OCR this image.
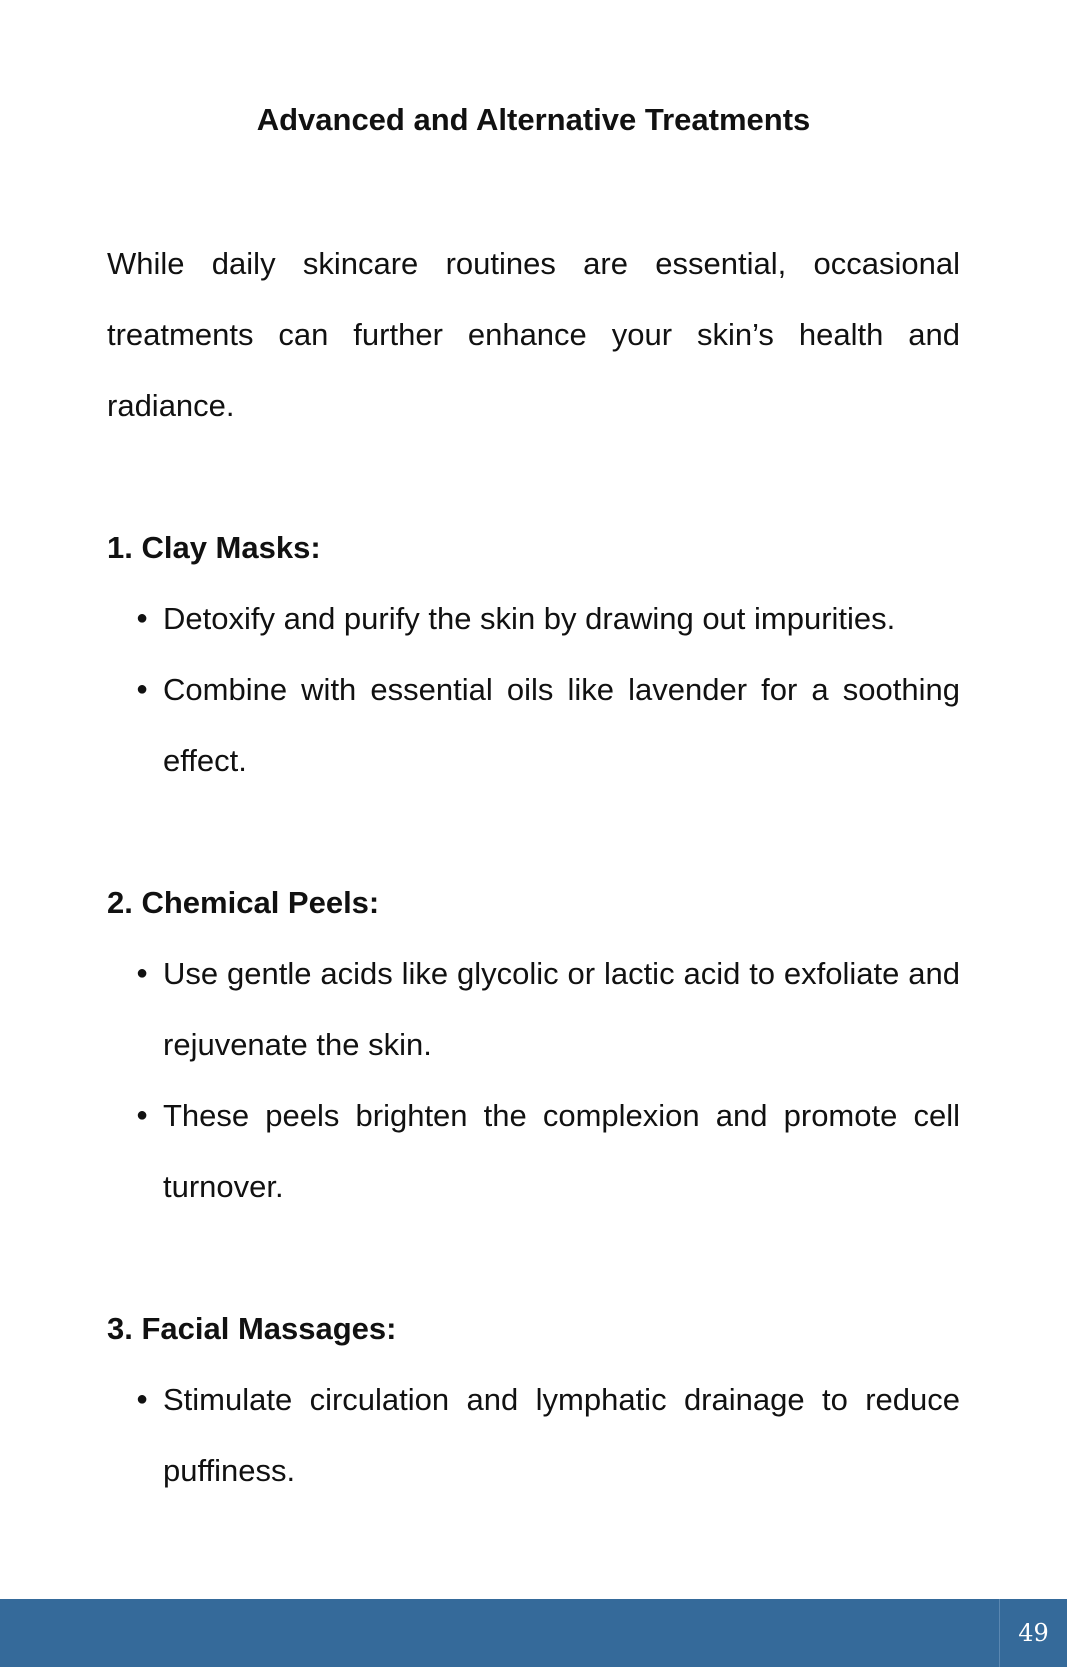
Advanced and Alternative Treatments

While daily skincare routines are essential, occasional treatments can further enhance your skin’s health and radiance.

1. Clay Masks:

● Detoxify and purify the skin by drawing out impurities.
● Combine with essential oils like lavender for a soothing effect.

2. Chemical Peels:

● Use gentle acids like glycolic or lactic acid to exfoliate and rejuvenate the skin.
● These peels brighten the complexion and promote cell turnover.

3. Facial Massages:

● Stimulate circulation and lymphatic drainage to reduce puffiness.
49
